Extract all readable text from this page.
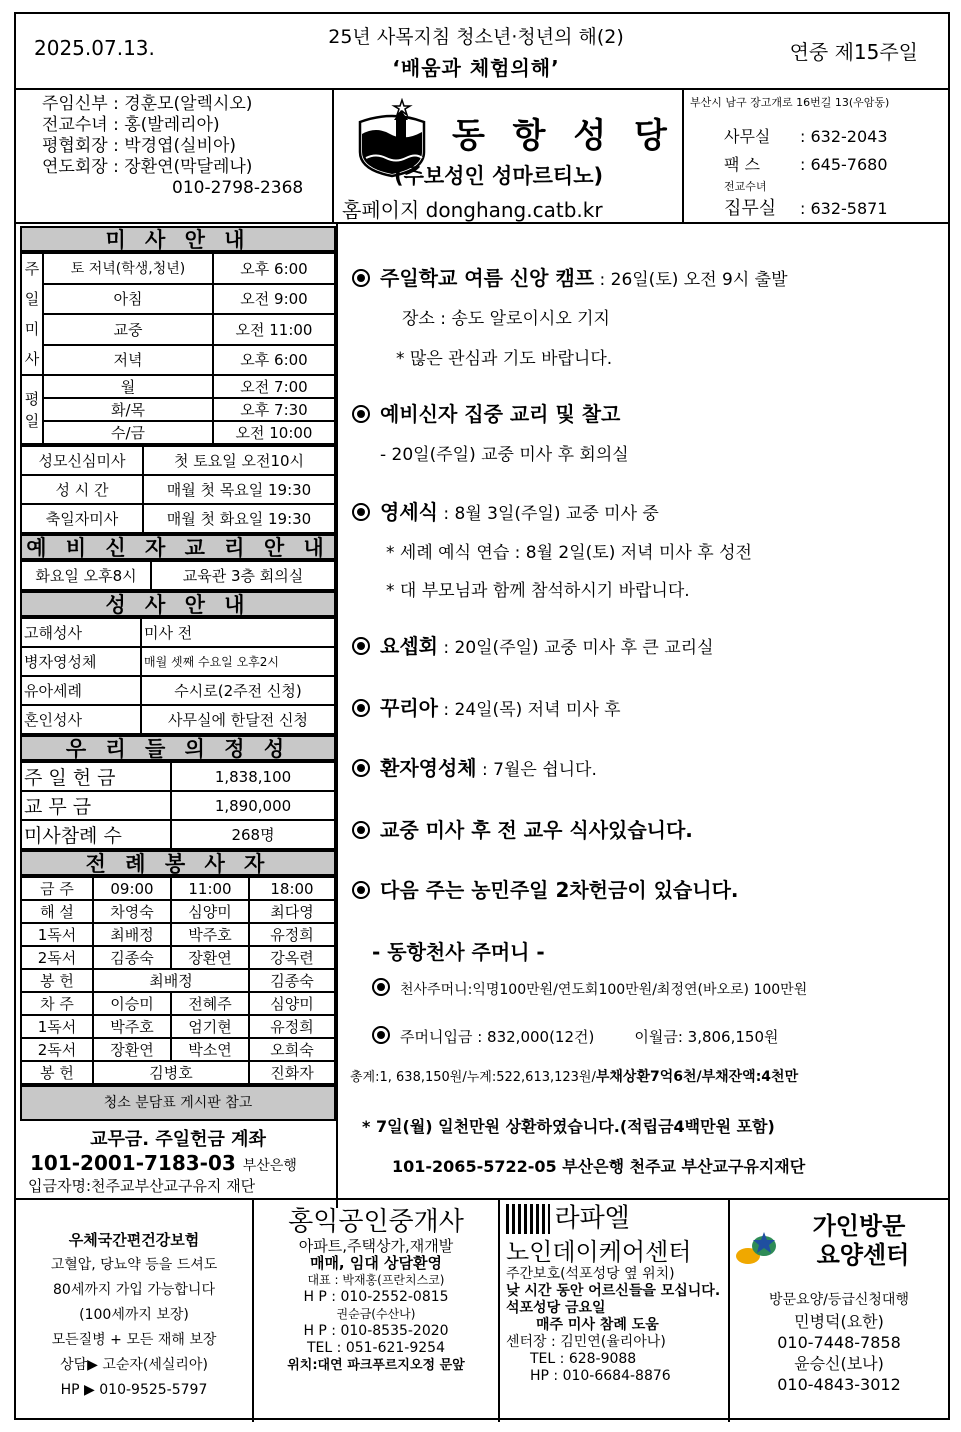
2025.07.13.	25년 사목지침 청소년·청년의 해(2)
‘배움과 체험의해’
연중 제15주일
주임신부 : 경훈모(알렉시오)
전교수녀 : 홍(발레리아)
평협회장 : 박경엽(실비아)
연도회장 : 장환연(막달레나)
010-2798-2368
동 항 성 당
(주보성인 성마르티노)
홈페이지 donghang.catb.kr
부산시 남구 장고개로 16번길 13(우암동)
사무실 : 632-2043
팩 스	: 645-7680
전교수녀
집무실 : 632-5871
미 사 안 내
주일미사	토 저녁(학생,청년)	오후 6:00
	아침	오전 9:00
	교중	오전 11:00
	저녁	오후 6:00
평일	월	오전 7:00
	화/목	오후 7:30
	수/금	오전 10:00
성모신심미사	첫 토요일 오전10시
성 시 간	매월 첫 목요일 19:30
축일자미사	매월 첫 화요일 19:30
예 비 신 자 교 리 안 내
화요일 오후8시	교육관 3층 회의실
성 사 안 내
고해성사	미사 전
병자영성체	매월 셋째 수요일 오후2시
유아세례	수시로(2주전 신청)
혼인성사	사무실에 한달전 신청
우 리 들 의 정 성
주 일 헌 금	1,838,100
교 무 금	1,890,000
미사참례 수	268명
전 례 봉 사 자
금 주	09:00	11:00	18:00
해 설	차영숙	심양미	최다영
1독서	최배정	박주호	유정희
2독서	김종숙	장환연	강옥련
봉 헌	최배정		김종숙
차 주	이승미	전혜주	심양미
1독서	박주호	엄기현	유정희
2독서	장환연	박소연	오희숙
봉 헌	김병호		진화자
청소 분담표 게시판 참고
교무금. 주일헌금 계좌
101-2001-7183-03 부산은행
입금자명:천주교부산교구유지 재단
주일학교 여름 신앙 캠프 : 26일(토) 오전 9시 출발
장소 : 송도 알로이시오 기지
* 많은 관심과 기도 바랍니다.
예비신자 집중 교리 및 찰고
- 20일(주일) 교중 미사 후 회의실
영세식 : 8월 3일(주일) 교중 미사 중
* 세례 예식 연습 : 8월 2일(토) 저녁 미사 후 성전
* 대 부모님과 함께 참석하시기 바랍니다.
요셉회 : 20일(주일) 교중 미사 후 큰 교리실
꾸리아 : 24일(목) 저녁 미사 후
환자영성체 : 7월은 쉽니다.
교중 미사 후 전 교우 식사있습니다.
다음 주는 농민주일 2차헌금이 있습니다.
- 동항천사 주머니 -
천사주머니:익명100만원/연도회100만원/최정연(바오로) 100만원
주머니입금 : 832,000(12건)	이월금: 3,806,150원
총계:1, 638,150원/누계:522,613,123원/부채상환7억6천/부채잔액:4천만
* 7일(월) 일천만원 상환하였습니다.(적립금4백만원 포함)
101-2065-5722-05 부산은행 천주교 부산교구유지재단
우체국간편건강보험
고혈압, 당뇨약 등을 드셔도
80세까지 가입 가능합니다
(100세까지 보장)
모든질병 + 모든 재해 보장
상담▶ 고순자(세실리아)
HP ▶ 010-9525-5797
홍익공인중개사
아파트,주택상가,재개발
매매, 임대 상담환영
대표 : 박재홍(프란치스코)
H P : 010-2552-0815
권순금(수산나)
H P : 010-8535-2020
TEL : 051-621-9254
위치:대연 파크푸르지오정 문앞
라파엘
노인데이케어센터
주간보호(석포성당 옆 위치)
낮 시간 동안 어르신들을 모십니다. 석포성당 금요일
매주 미사 참례 도움
센터장 : 김민연(율리아나)
TEL : 628-9088
HP : 010-6684-8876
가인방문
요양센터
방문요양/등급신청대행
민병덕(요한)
010-7448-7858
윤승신(보나)
010-4843-3012
